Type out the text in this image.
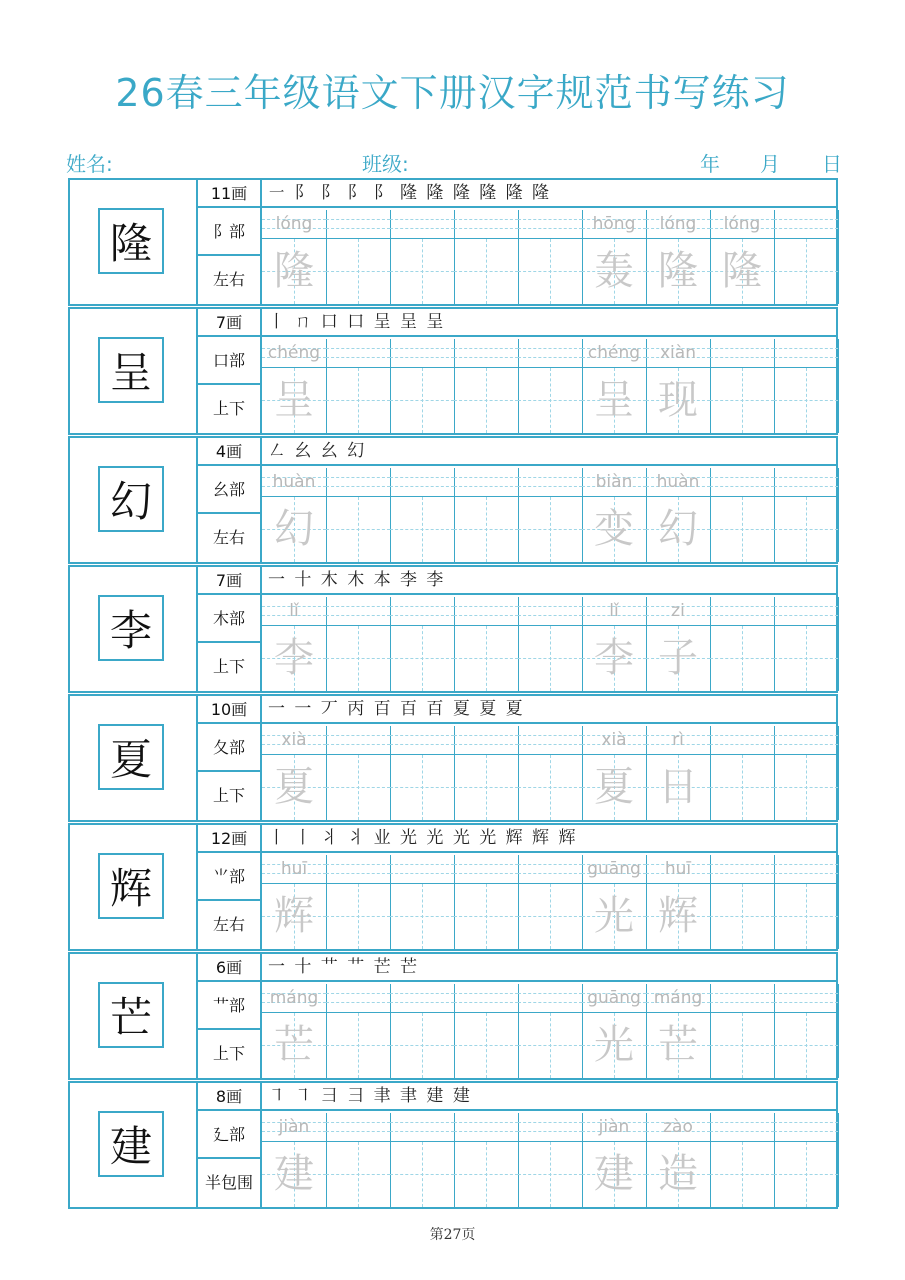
26春三年级语文下册汉字规范书写练习
姓名:	班级:	年 月 日
隆
11画
阝部
左右
㇐ 阝 阝 阝 阝 隆 隆 隆 隆 隆 隆
lóng
隆
hōng
轰
lóng
隆
lóng
隆
呈
7画
口部
上下
丨 ㄇ 口 口 呈 呈 呈
chéng
呈
chéng
呈
xiàn
现
幻
4画
幺部
左右
㇜ 幺 幺 幻
huàn
幻
biàn
变
huàn
幻
李
7画
木部
上下
一 十 木 木 本 李 李
lǐ
李
lǐ
李
zi
子
夏
10画
夂部
上下
一 一 丆 丙 百 百 百 夏 夏 夏
xià
夏
xià
夏
rì
日
辉
12画
⺌部
左右
丨 丨 丬 丬 业 光 光 光 光 辉 辉 辉
huī
辉
guāng
光
huī
辉
芒
6画
艹部
上下
一 十 艹 艹 芒 芒
máng
芒
guāng
光
máng
芒
建
8画
廴部
半包围
㇕ ㇕ ⺕ ⺕ 聿 聿 建 建
jiàn
建
jiàn
建
zào
造
第27页
